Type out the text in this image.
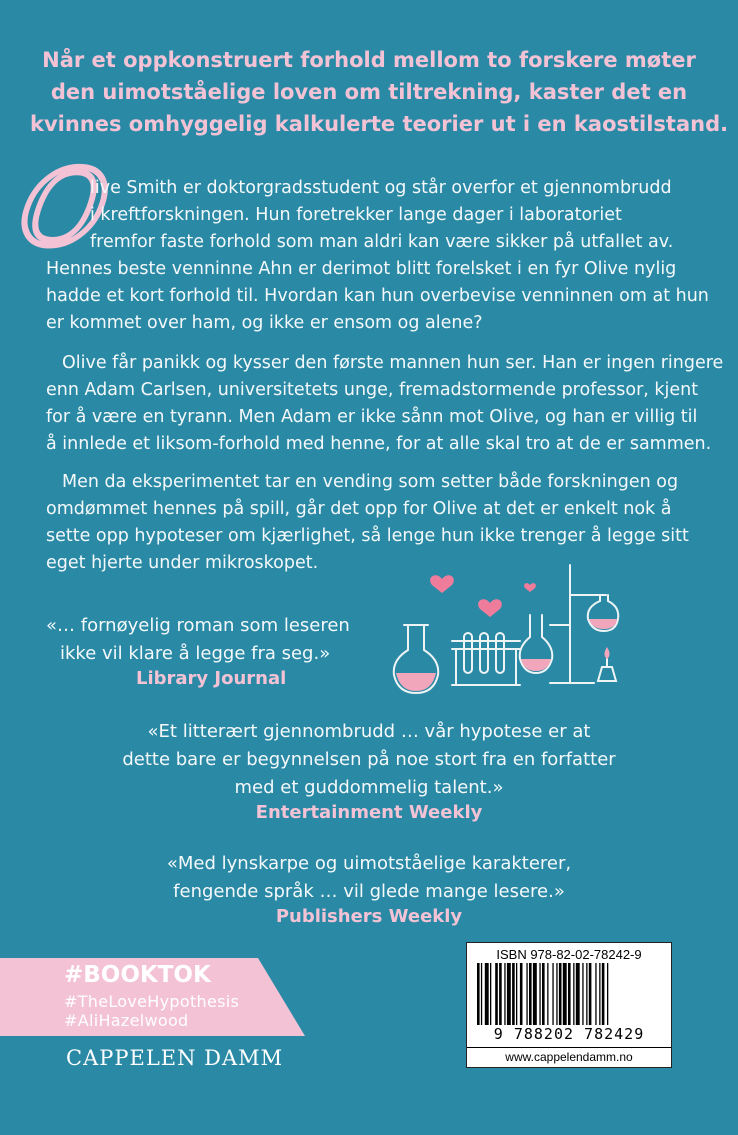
Når et oppkonstruert forhold mellom to forskere møter
den uimotståelige loven om tiltrekning, kaster det en
kvinnes omhyggelig kalkulerte teorier ut i en kaostilstand.
O
live Smith er doktorgradsstudent og står overfor et gjennombrudd
i kreftforskningen. Hun foretrekker lange dager i laboratoriet
fremfor faste forhold som man aldri kan være sikker på utfallet av.
Hennes beste venninne Ahn er derimot blitt forelsket i en fyr Olive nylig
hadde et kort forhold til. Hvordan kan hun overbevise venninnen om at hun
er kommet over ham, og ikke er ensom og alene?
Olive får panikk og kysser den første mannen hun ser. Han er ingen ringere
enn Adam Carlsen, universitetets unge, fremadstormende professor, kjent
for å være en tyrann. Men Adam er ikke sånn mot Olive, og han er villig til
å innlede et liksom-forhold med henne, for at alle skal tro at de er sammen.
Men da eksperimentet tar en vending som setter både forskningen og
omdømmet hennes på spill, går det opp for Olive at det er enkelt nok å
sette opp hypoteser om kjærlighet, så lenge hun ikke trenger å legge sitt
eget hjerte under mikroskopet.
«… fornøyelig roman som leseren
ikke vil klare å legge fra seg.»
Library Journal
«Et litterært gjennombrudd … vår hypotese er at
dette bare er begynnelsen på noe stort fra en forfatter
med et guddommelig talent.»
Entertainment Weekly
«Med lynskarpe og uimotståelige karakterer,
fengende språk … vil glede mange lesere.»
Publishers Weekly
#BOOKTOK
#TheLoveHypothesis
#AliHazelwood
CAPPELEN DAMM
ISBN 978-82-02-78242-9
9 788202 782429
www.cappelendamm.no
